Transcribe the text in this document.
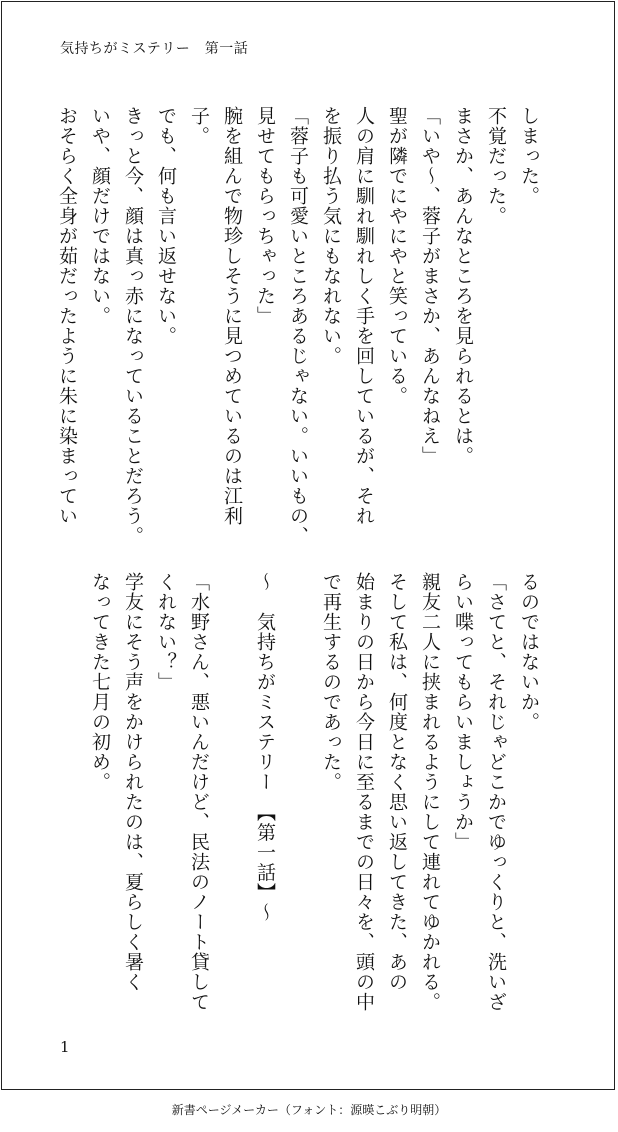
気持ちがミステリー　第一話

しまった。

不覚だった。

まさか、あんなところを見られるとは。

「いや〜、蓉子がまさか、あんなねえ」

聖が隣でにやにやと笑っている。

人の肩に馴れ馴れしく手を回しているが、それ

を振り払う気にもなれない。

「蓉子も可愛いところあるじゃない。いいもの、

見せてもらっちゃった」

腕を組んで物珍しそうに見つめているのは江利

子。

でも、何も言い返せない。

きっと今、顔は真っ赤になっていることだろう。

いや、顔だけではない。

おそらく全身が茹だったように朱に染まってい

るのではないか。

「さてと、それじゃどこかでゆっくりと、洗いざ

らい喋ってもらいましょうか」

親友二人に挟まれるようにして連れてゆかれる。

そして私は、何度となく思い返してきた、あの

始まりの日から今日に至るまでの日々を、頭の中

で再生するのであった。

〜　気持ちがミステリー　【第一話】〜

「水野さん、悪いんだけど、民法のノート貸して

くれない？」

学友にそう声をかけられたのは、夏らしく暑く

なってきた七月の初め。

1
新書ページメーカー（フォント：源暎こぶり明朝）
